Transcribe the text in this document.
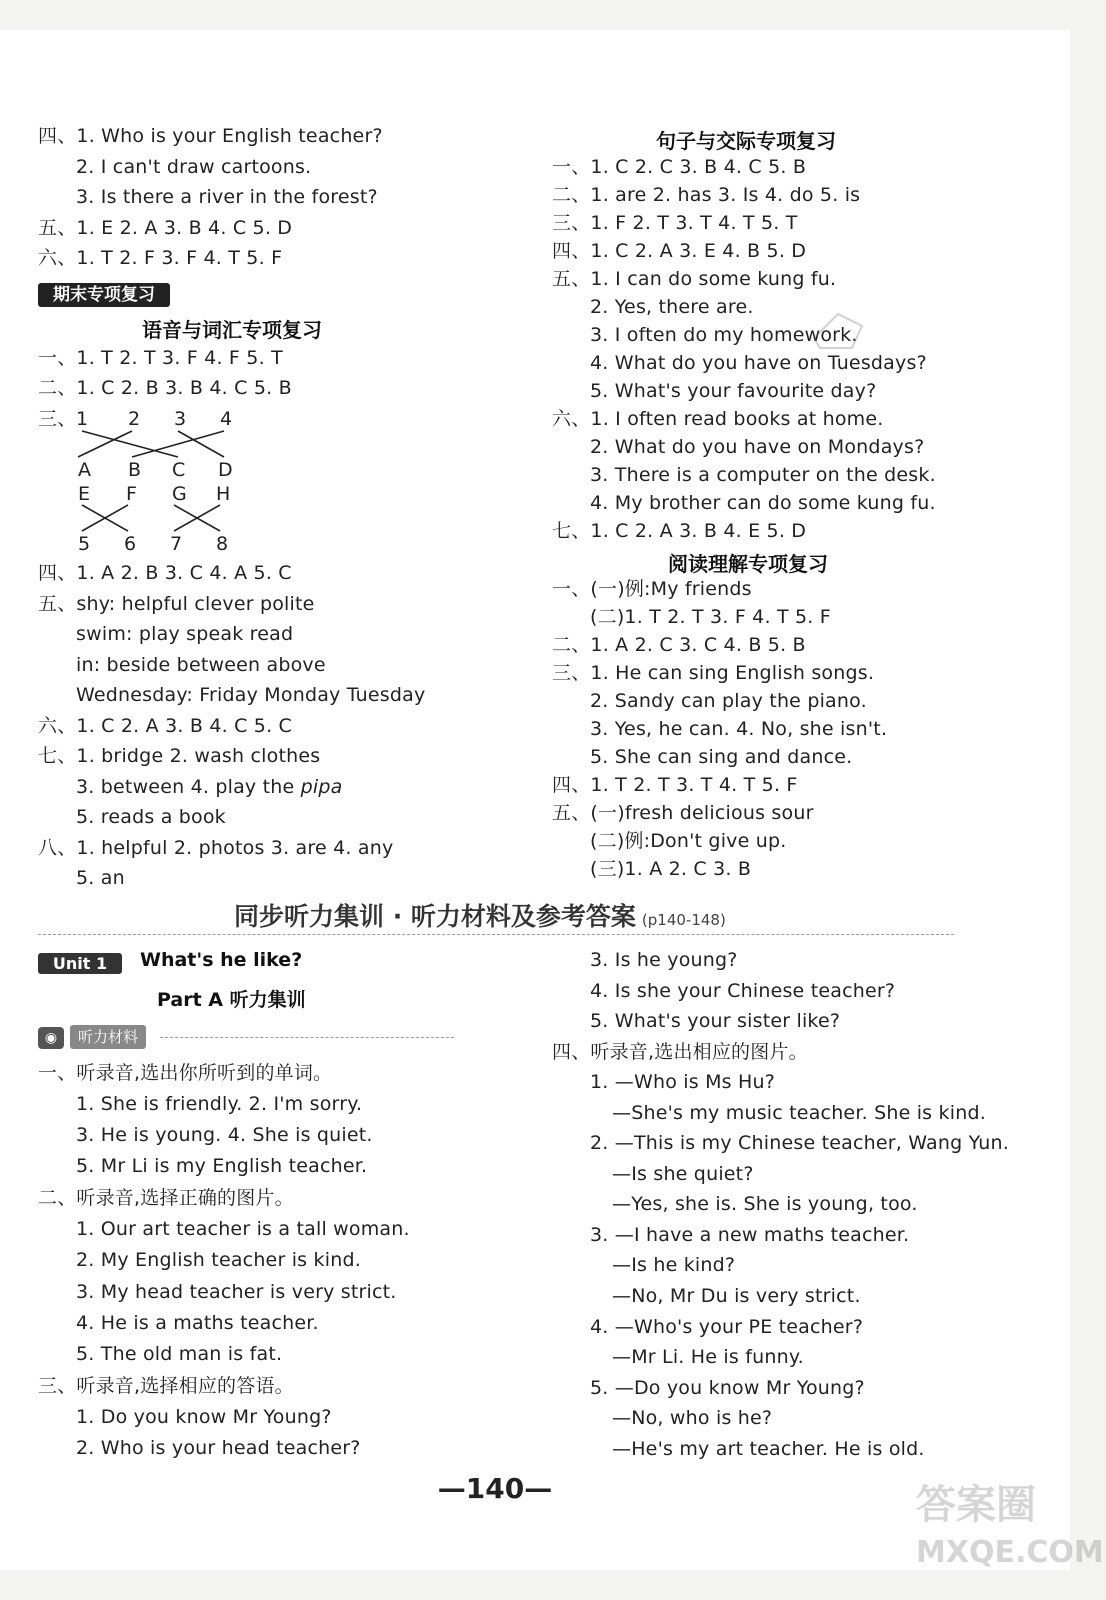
四、1. Who is your English teacher?
2. I can't draw cartoons.
3. Is there a river in the forest?
五、1. E 2. A 3. B 4. C 5. D
六、1. T 2. F 3. F 4. T 5. F
期末专项复习
语音与词汇专项复习
一、1. T 2. T 3. F 4. F 5. T
二、1. C 2. B 3. B 4. C 5. B
三、 1 2 3 4
A B C D
E F G H
5 6 7 8
四、1. A 2. B 3. C 4. A 5. C
五、shy: helpful clever polite
swim: play speak read
in: beside between above
Wednesday: Friday Monday Tuesday
六、1. C 2. A 3. B 4. C 5. C
七、1. bridge 2. wash clothes
3. between 4. play the pipa
5. reads a book
八、1. helpful 2. photos 3. are 4. any
5. an
句子与交际专项复习
一、1. C 2. C 3. B 4. C 5. B
二、1. are 2. has 3. Is 4. do 5. is
三、1. F 2. T 3. T 4. T 5. T
四、1. C 2. A 3. E 4. B 5. D
五、1. I can do some kung fu.
2. Yes, there are.
3. I often do my homework.
4. What do you have on Tuesdays?
5. What's your favourite day?
六、1. I often read books at home.
2. What do you have on Mondays?
3. There is a computer on the desk.
4. My brother can do some kung fu.
七、1. C 2. A 3. B 4. E 5. D
阅读理解专项复习
一、(一)例:My friends
(二)1. T 2. T 3. F 4. T 5. F
二、1. A 2. C 3. C 4. B 5. B
三、1. He can sing English songs.
2. Sandy can play the piano.
3. Yes, he can. 4. No, she isn't.
5. She can sing and dance.
四、1. T 2. T 3. T 4. T 5. F
五、(一)fresh delicious sour
(二)例:Don't give up.
(三)1. A 2. C 3. B
同步听力集训 · 听力材料及参考答案 (p140-148)
Unit 1	What's he like?
Part A 听力集训
◉	听力材料
一、听录音,选出你所听到的单词。
1. She is friendly. 2. I'm sorry.
3. He is young. 4. She is quiet.
5. Mr Li is my English teacher.
二、听录音,选择正确的图片。
1. Our art teacher is a tall woman.
2. My English teacher is kind.
3. My head teacher is very strict.
4. He is a maths teacher.
5. The old man is fat.
三、听录音,选择相应的答语。
1. Do you know Mr Young?
2. Who is your head teacher?
3. Is he young?
4. Is she your Chinese teacher?
5. What's your sister like?
四、听录音,选出相应的图片。
1. —Who is Ms Hu?
—She's my music teacher. She is kind.
2. —This is my Chinese teacher, Wang Yun.
—Is she quiet?
—Yes, she is. She is young, too.
3. —I have a new maths teacher.
—Is he kind?
—No, Mr Du is very strict.
4. —Who's your PE teacher?
—Mr Li. He is funny.
5. —Do you know Mr Young?
—No, who is he?
—He's my art teacher. He is old.
—140—	答案圈
MXQE.COM
